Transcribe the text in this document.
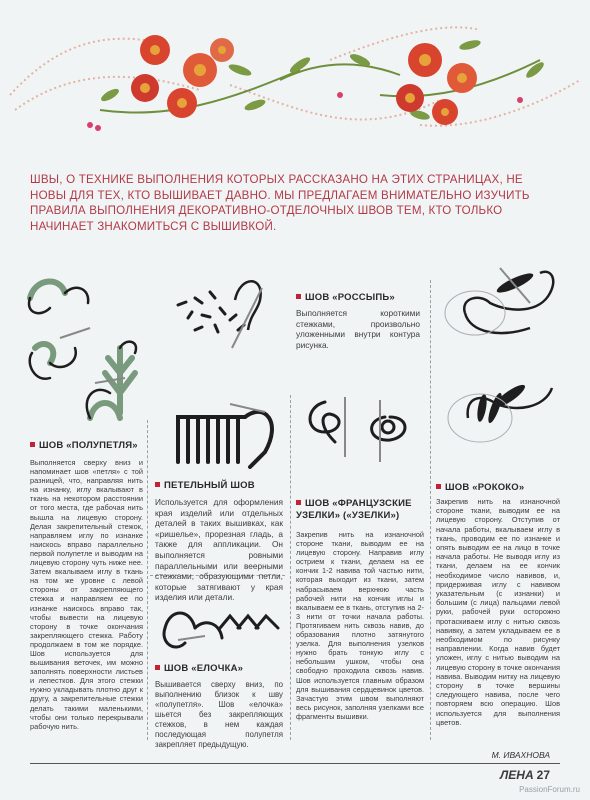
ШВЫ, О ТЕХНИКЕ ВЫПОЛНЕНИЯ КОТОРЫХ РАССКАЗАНО НА ЭТИХ СТРАНИЦАХ, НЕ НОВЫ ДЛЯ ТЕХ, КТО ВЫШИВАЕТ ДАВНО. МЫ ПРЕДЛАГАЕМ ВНИМАТЕЛЬНО ИЗУЧИТЬ ПРАВИЛА ВЫПОЛНЕНИЯ ДЕКОРАТИВНО-ОТДЕЛОЧНЫХ ШВОВ ТЕМ, КТО ТОЛЬКО НАЧИНАЕТ ЗНАКОМИТЬСЯ С ВЫШИВКОЙ.
ШОВ «ПОЛУПЕТЛЯ»
ПЕТЕЛЬНЫЙ ШОВ
ШОВ «ЕЛОЧКА»
ШОВ «РОССЫПЬ»
ШОВ «ФРАНЦУЗСКИЕ УЗЕЛКИ» («УЗЕЛКИ»)
ШОВ «РОКОКО»
Выполняется сверху вниз и напоминает шов «петля» с той разницей, что, направляя нить на изнанку, иглу вкалывают в ткань на некотором расстоянии от того места, где рабочая нить вышла на лицевую сторону. Делая закрепительный стежок, направляем иглу по изнанке наискось вправо параллельно первой полупетле и выводим на лицевую сторону чуть ниже нее. Затем вкалываем иглу в ткань на том же уровне с левой стороны от закрепляющего стежка и направляем ее по изнанке наискось вправо так, чтобы вывести на лицевую сторону в точке окончания закрепляющего стежка. Работу продолжаем в том же порядке. Шов используется для вышивания веточек, им можно заполнять поверхности листьев и лепестков. Для этого стежки нужно укладывать плотно друг к другу, а закрепительные стежки делать такими маленькими, чтобы они только перекрывали рабочую нить.
Используется для оформления края изделий или отдельных деталей в таких вышивках, как «ришелье», прорезная гладь, а также для аппликации. Он выполняется ровными параллельными или веерными стежками, образующими петли, которые затягивают у края изделия или детали.
Вышивается сверху вниз, по выполнению близок к шву «полупетля». Шов «елочка» шьется без закрепляющих стежков, в нем каждая последующая полупетля закрепляет предыдущую.
Выполняется короткими стежками, произвольно уложенными внутри контура рисунка.
Закрепив нить на изнаночной стороне ткани, выводим ее на лицевую сторону. Направив иглу острием к ткани, делаем на ее кончик 1-2 навива той частью нити, которая выходит из ткани, затем набрасываем верхнюю часть рабочей нити на кончик иглы и вкалываем ее в ткань, отступив на 2-3 нити от точки начала работы. Протягиваем нить сквозь навив, до образования плотно затянутого узелка. Для выполнения узелков нужно брать тонкую иглу с небольшим ушком, чтобы она свободно проходила сквозь навив. Шов используется главным образом для вышивания сердцевинок цветов. Зачастую этим швом выполняют весь рисунок, заполняя узелками все фрагменты вышивки.
Закрепив нить на изнаночной стороне ткани, выводим ее на лицевую сторону. Отступив от начала работы, вкалываем иглу в ткань, проводим ее по изнанке и опять выводим ее на лицо в точке начала работы. Не выводя иглу из ткани, делаем на ее кончик необходимое число навивов, и, придерживая иглу с навивом указательным (с изнанки) и большим (с лица) пальцами левой руки, рабочей руки осторожно протаскиваем иглу с нитью сквозь навивку, а затем укладываем ее в необходимом по рисунку направлении. Когда навив будет уложен, иглу с нитью выводим на лицевую сторону в точке окончания навива. Выводим нитку на лицевую сторону в точке вершины следующего навива, после чего повторяем всю операцию. Шов используется для выполнения цветов.
М. ИВАХНОВА
ЛЕНА 27
PassionForum.ru
